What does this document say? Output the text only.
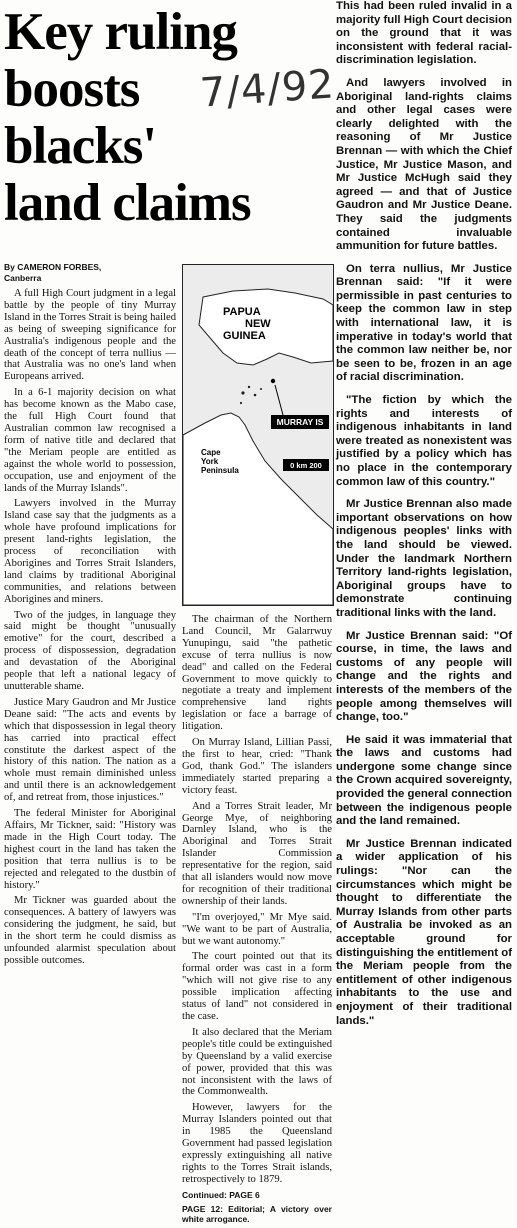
Key ruling
boosts
blacks'
land claims
7/4/92
By CAMERON FORBES,
Canberra

A full High Court judgment in a legal battle by the people of tiny Murray Island in the Torres Strait is being hailed as being of sweeping significance for Australia's indigenous people and the death of the concept of terra nullius — that Australia was no one's land when Europeans arrived.

In a 6-1 majority decision on what has become known as the Mabo case, the full High Court found that Australian common law recognised a form of native title and declared that "the Meriam people are entitled as against the whole world to possession, occupation, use and enjoyment of the lands of the Murray Islands".

Lawyers involved in the Murray Island case say that the judgments as a whole have profound implications for present land-rights legislation, the process of reconciliation with Aborigines and Torres Strait Islanders, land claims by traditional Aboriginal communities, and relations between Aborigines and miners.

Two of the judges, in language they said might be thought "unusually emotive" for the court, described a process of dispossession, degradation and devastation of the Aboriginal people that left a national legacy of unutterable shame.

Justice Mary Gaudron and Mr Justice Deane said: "The acts and events by which that dispossession in legal theory has carried into practical effect constitute the darkest aspect of the history of this nation. The nation as a whole must remain diminished unless and until there is an acknowledgement of, and retreat from, those injustices."

The federal Minister for Aboriginal Affairs, Mr Tickner, said: "History was made in the High Court today. The highest court in the land has taken the position that terra nullius is to be rejected and relegated to the dustbin of history."

Mr Tickner was guarded about the consequences. A battery of lawyers was considering the judgment, he said, but in the short term he could dismiss as unfounded alarmist speculation about possible outcomes.

PAPUA
NEW
GUINEA
Cape
York
Peninsula
MURRAY IS
0 km 200

The chairman of the Northern Land Council, Mr Galarrwuy Yunupingu, said "the pathetic excuse of terra nullius is now dead" and called on the Federal Government to move quickly to negotiate a treaty and implement comprehensive land rights legislation or face a barrage of litigation.

On Murray Island, Lillian Passi, the first to hear, cried: "Thank God, thank God." The islanders immediately started preparing a victory feast.

And a Torres Strait leader, Mr George Mye, of neighboring Darnley Island, who is the Aboriginal and Torres Strait Islander Commission representative for the region, said that all islanders would now move for recognition of their traditional ownership of their lands.

"I'm overjoyed," Mr Mye said. "We want to be part of Australia, but we want autonomy."

The court pointed out that its formal order was cast in a form "which will not give rise to any possible implication affecting status of land" not considered in the case.

It also declared that the Meriam people's title could be extinguished by Queensland by a valid exercise of power, provided that this was not inconsistent with the laws of the Commonwealth.

However, lawyers for the Murray Islanders pointed out that in 1985 the Queensland Government had passed legislation expressly extinguishing all native rights to the Torres Strait islands, retrospectively to 1879.

Continued: PAGE 6

PAGE 12: Editorial; A victory over white arrogance.

This had been ruled invalid in a majority full High Court decision on the ground that it was inconsistent with federal racial-discrimination legislation.

And lawyers involved in Aboriginal land-rights claims and other legal cases were clearly delighted with the reasoning of Mr Justice Brennan — with which the Chief Justice, Mr Justice Mason, and Mr Justice McHugh said they agreed — and that of Justice Gaudron and Mr Justice Deane. They said the judgments contained invaluable ammunition for future battles.

On terra nullius, Mr Justice Brennan said: "If it were permissible in past centuries to keep the common law in step with international law, it is imperative in today's world that the common law neither be, nor be seen to be, frozen in an age of racial discrimination.

"The fiction by which the rights and interests of indigenous inhabitants in land were treated as nonexistent was justified by a policy which has no place in the contemporary common law of this country."

Mr Justice Brennan also made important observations on how indigenous peoples' links with the land should be viewed. Under the landmark Northern Territory land-rights legislation, Aboriginal groups have to demonstrate continuing traditional links with the land.

Mr Justice Brennan said: "Of course, in time, the laws and customs of any people will change and the rights and interests of the members of the people among themselves will change, too."

He said it was immaterial that the laws and customs had undergone some change since the Crown acquired sovereignty, provided the general connection between the indigenous people and the land remained.

Mr Justice Brennan indicated a wider application of his rulings: "Nor can the circumstances which might be thought to differentiate the Murray Islands from other parts of Australia be invoked as an acceptable ground for distinguishing the entitlement of the Meriam people from the entitlement of other indigenous inhabitants to the use and enjoyment of their traditional lands."
